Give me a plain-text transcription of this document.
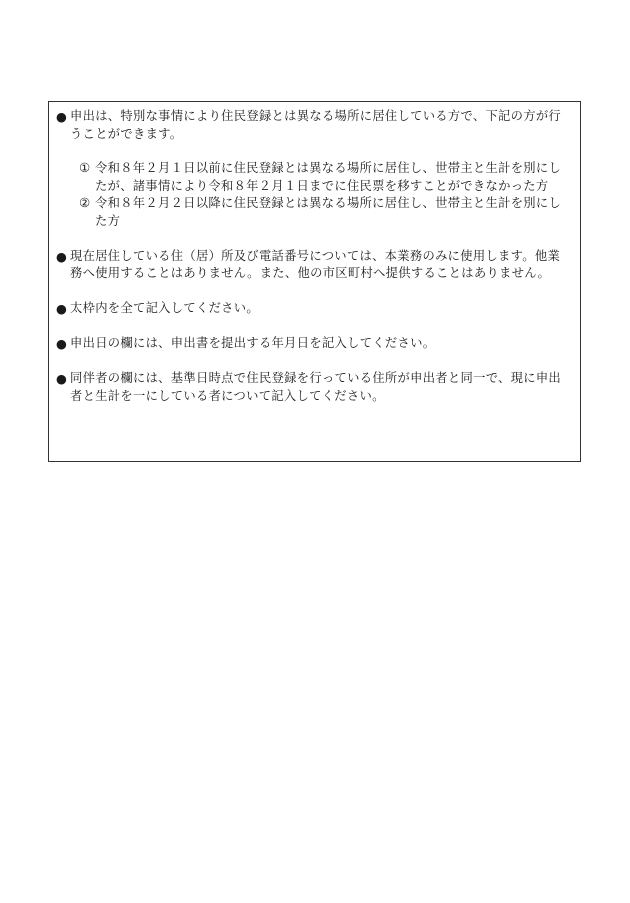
● 申出は、特別な事情により住民登録とは異なる場所に居住している方で、下記の方が行うことができます。
① 令和８年２月１日以前に住民登録とは異なる場所に居住し、世帯主と生計を別にしたが、諸事情により令和８年２月１日までに住民票を移すことができなかった方
② 令和８年２月２日以降に住民登録とは異なる場所に居住し、世帯主と生計を別にした方
● 現在居住している住（居）所及び電話番号については、本業務のみに使用します。他業務へ使用することはありません。また、他の市区町村へ提供することはありません。
● 太枠内を全て記入してください。
● 申出日の欄には、申出書を提出する年月日を記入してください。
● 同伴者の欄には、基準日時点で住民登録を行っている住所が申出者と同一で、現に申出者と生計を一にしている者について記入してください。
